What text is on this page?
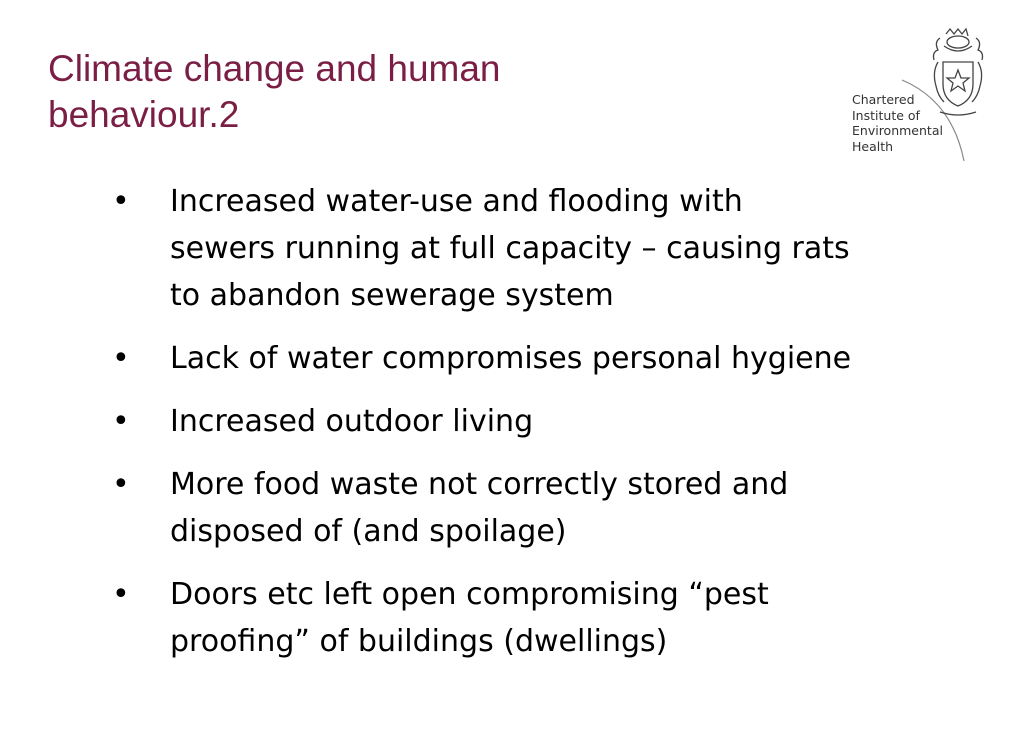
Climate change and human
behaviour.2	Chartered
Institute of
Environmental
Health
• Increased water-use and flooding with
sewers running at full capacity – causing rats
to abandon sewerage system
• Lack of water compromises personal hygiene
• Increased outdoor living
• More food waste not correctly stored and
disposed of (and spoilage)
• Doors etc left open compromising “pest
proofing” of buildings (dwellings)
